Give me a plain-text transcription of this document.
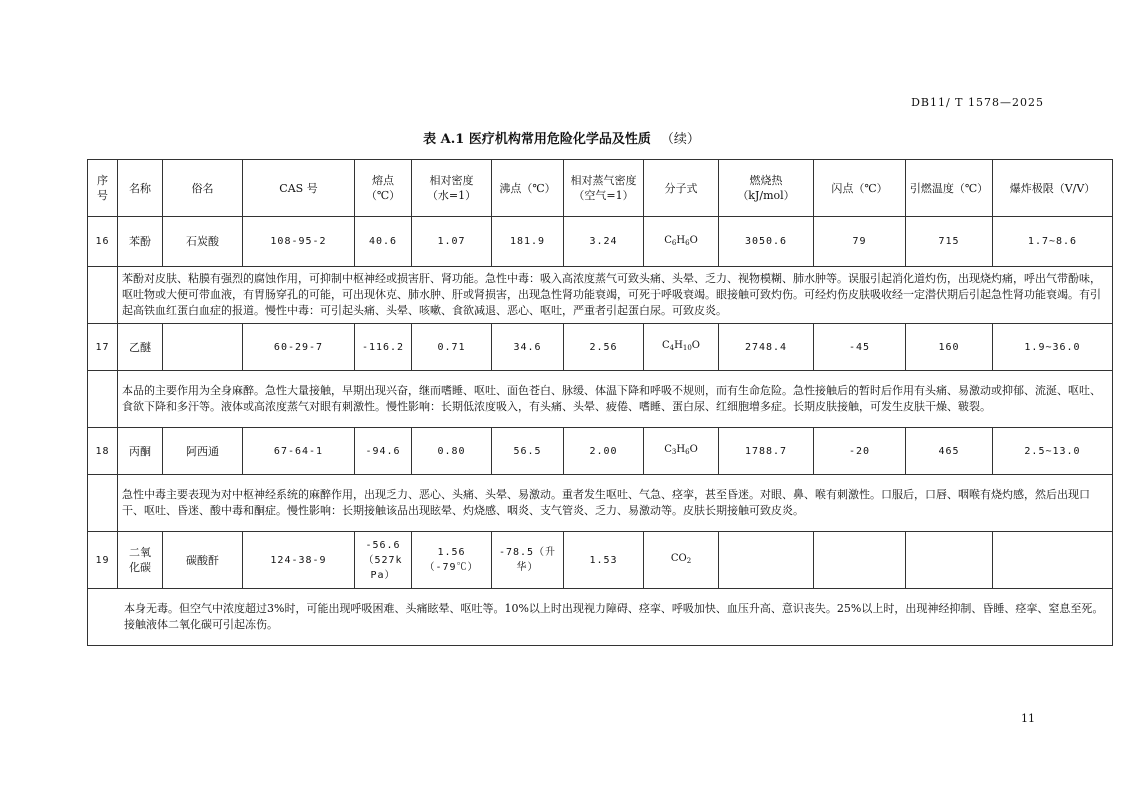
DB11/ T 1578—2025
表 A.1 医疗机构常用危险化学品及性质 （续）
序号	名称	俗名	CAS 号	熔点（℃）	相对密度（水=1）	沸点（℃）	相对蒸气密度（空气=1）	分子式	燃烧热（kJ/mol）	闪点（℃）	引燃温度（℃）	爆炸极限（V/V）
16	苯酚	石炭酸	108-95-2	40.6	1.07	181.9	3.24	$C_6H_6O$	3050.6	79	715	1.7~8.6
	苯酚对皮肤、粘膜有强烈的腐蚀作用，可抑制中枢神经或损害肝、肾功能。急性中毒：吸入高浓度蒸气可致头痛、头晕、乏力、视物模糊、肺水肿等。误服引起消化道灼伤，出现烧灼痛，呼出气带酚味，呕吐物或大便可带血液，有胃肠穿孔的可能，可出现休克、肺水肿、肝或肾损害，出现急性肾功能衰竭，可死于呼吸衰竭。眼接触可致灼伤。可经灼伤皮肤吸收经一定潜伏期后引起急性肾功能衰竭。有引起高铁血红蛋白血症的报道。慢性中毒：可引起头痛、头晕、咳嗽、食欲减退、恶心、呕吐，严重者引起蛋白尿。可致皮炎。											
17	乙醚		60-29-7	-116.2	0.71	34.6	2.56	$C_4H_{10}O$	2748.4	-45	160	1.9~36.0
	本品的主要作用为全身麻醉。急性大量接触，早期出现兴奋，继而嗜睡、呕吐、面色苍白、脉缓、体温下降和呼吸不规则，而有生命危险。急性接触后的暂时后作用有头痛、易激动或抑郁、流涎、呕吐、食欲下降和多汗等。液体或高浓度蒸气对眼有刺激性。慢性影响：长期低浓度吸入，有头痛、头晕、疲倦、嗜睡、蛋白尿、红细胞增多症。长期皮肤接触，可发生皮肤干燥、皲裂。											
18	丙酮	阿西通	67-64-1	-94.6	0.80	56.5	2.00	$C_3H_6O$	1788.7	-20	465	2.5~13.0
	急性中毒主要表现为对中枢神经系统的麻醉作用，出现乏力、恶心、头痛、头晕、易激动。重者发生呕吐、气急、痉挛，甚至昏迷。对眼、鼻、喉有刺激性。口服后，口唇、咽喉有烧灼感，然后出现口干、呕吐、昏迷、酸中毒和酮症。慢性影响：长期接触该品出现眩晕、灼烧感、咽炎、支气管炎、乏力、易激动等。皮肤长期接触可致皮炎。											
19	二氧化碳	碳酸酐	124-38-9	-56.6（527kPa）	1.56（-79℃）	-78.5（升华）	1.53	$CO_2$				
本身无毒。但空气中浓度超过3%时，可能出现呼吸困难、头痛眩晕、呕吐等。10%以上时出现视力障碍、痉挛、呼吸加快、血压升高、意识丧失。25%以上时，出现神经抑制、昏睡、痉挛、窒息至死。接触液体二氧化碳可引起冻伤。												
11
